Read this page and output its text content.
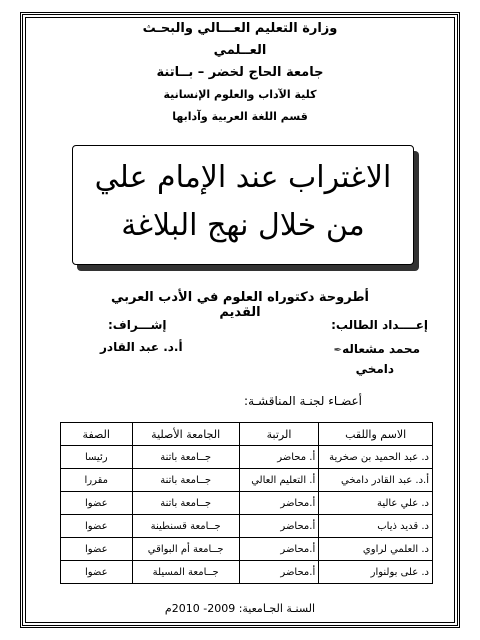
وزارة التعليم العـــالي والبحـث العــلمي
جامعة الحاج لخضر – بــاتنة
كلية الآداب والعلوم الإنسانية
قسم اللغة العربية وآدابها
الاغتراب عند الإمام علي
من خلال نهج البلاغة
أطروحة دكتوراه العلوم في الأدب العربي القديم
إعــــداد الطالب:
إشـــراف:
محمد مشعاله✒
دامخي
أ.د. عبد القادر
أعضـاء لجنـة المناقشـة:
الاسم واللقب	الرتبة	الجامعة الأصلية	الصفة
د. عبد الحميد بن صخرية	أ. محاضر	جــامعة باتنة	رئيسا
أ.د. عبد القادر دامخي	أ. التعليم العالي	جــامعة باتنة	مقررا
د. علي عالية	أ.محاضر	جــامعة باتنة	عضوا
د. قديد ذياب	أ.محاضر	جــامعة قسنطينة	عضوا
د. العلمي لراوي	أ.محاضر	جــامعة أم البواقي	عضوا
د. على بولنوار	أ.محاضر	جــامعة المسيلة	عضوا
السنـة الجـامعية: 2009- 2010م
